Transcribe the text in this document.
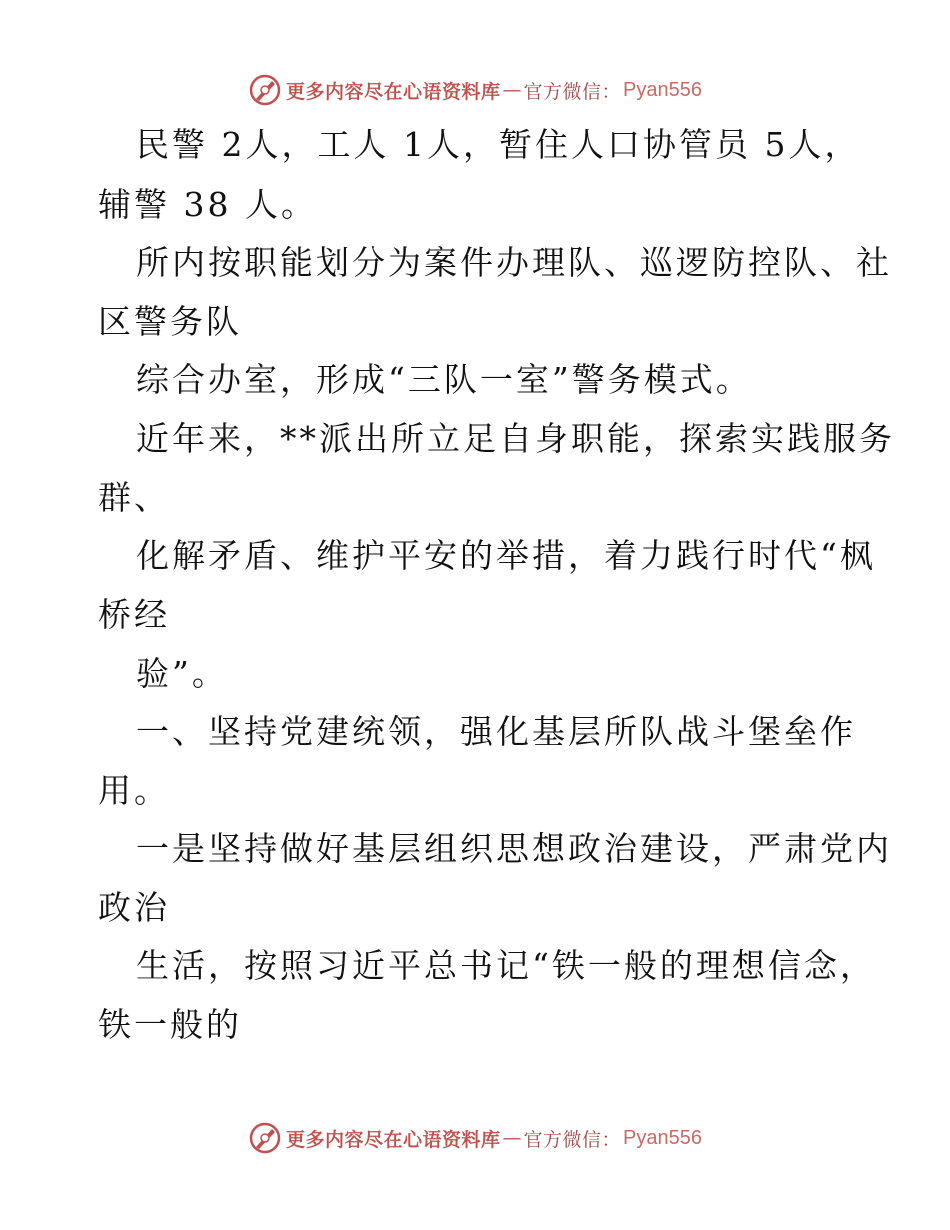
更多内容尽在心语资料库 — 官方微信： Pyan556
民警 2人，工人 1人，暂住人口协管员 5人，
辅警 38 人。
所内按职能划分为案件办理队、巡逻防控队、社
区警务队
综合办室，形成“三队一室”警务模式。
近年来，**派出所立足自身职能，探索实践服务
群、
化解矛盾、维护平安的举措，着力践行时代“枫
桥经
验”。
一、坚持党建统领，强化基层所队战斗堡垒作
用。
一是坚持做好基层组织思想政治建设，严肃党内
政治
生活，按照习近平总书记“铁一般的理想信念，
铁一般的
更多内容尽在心语资料库 — 官方微信： Pyan556
